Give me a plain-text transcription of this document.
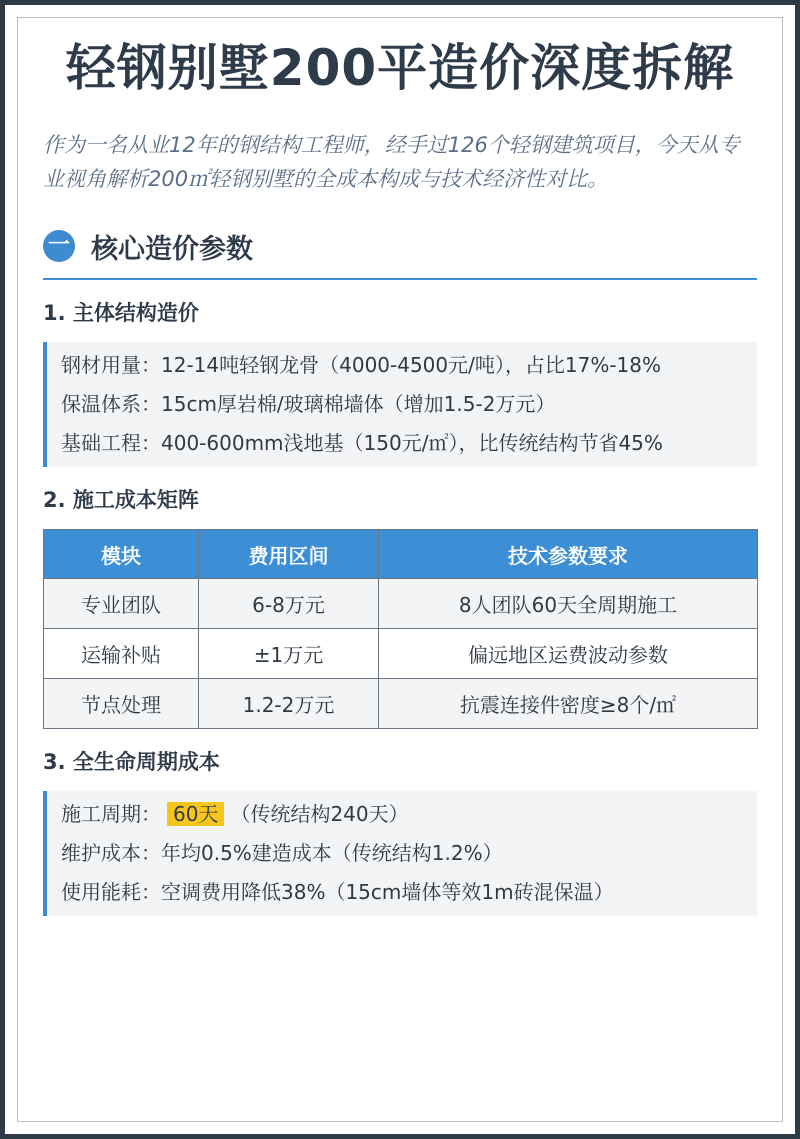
轻钢别墅200平造价深度拆解

作为一名从业12年的钢结构工程师，经手过126个轻钢建筑项目，今天从专业视角解析200㎡轻钢别墅的全成本构成与技术经济性对比。

一 核心造价参数
1. 主体结构造价

钢材用量：12-14吨轻钢龙骨（4000-4500元/吨），占比17%-18%

保温体系：15cm厚岩棉/玻璃棉墙体（增加1.5-2万元）

基础工程：400-600mm浅地基（150元/㎡），比传统结构节省45%

2. 施工成本矩阵
模块	费用区间	技术参数要求
专业团队	6-8万元	8人团队60天全周期施工
运输补贴	±1万元	偏远地区运费波动参数
节点处理	1.2-2万元	抗震连接件密度≥8个/㎡
3. 全生命周期成本

施工周期： 60天 （传统结构240天）

维护成本：年均0.5%建造成本（传统结构1.2%）

使用能耗：空调费用降低38%（15cm墙体等效1m砖混保温）
